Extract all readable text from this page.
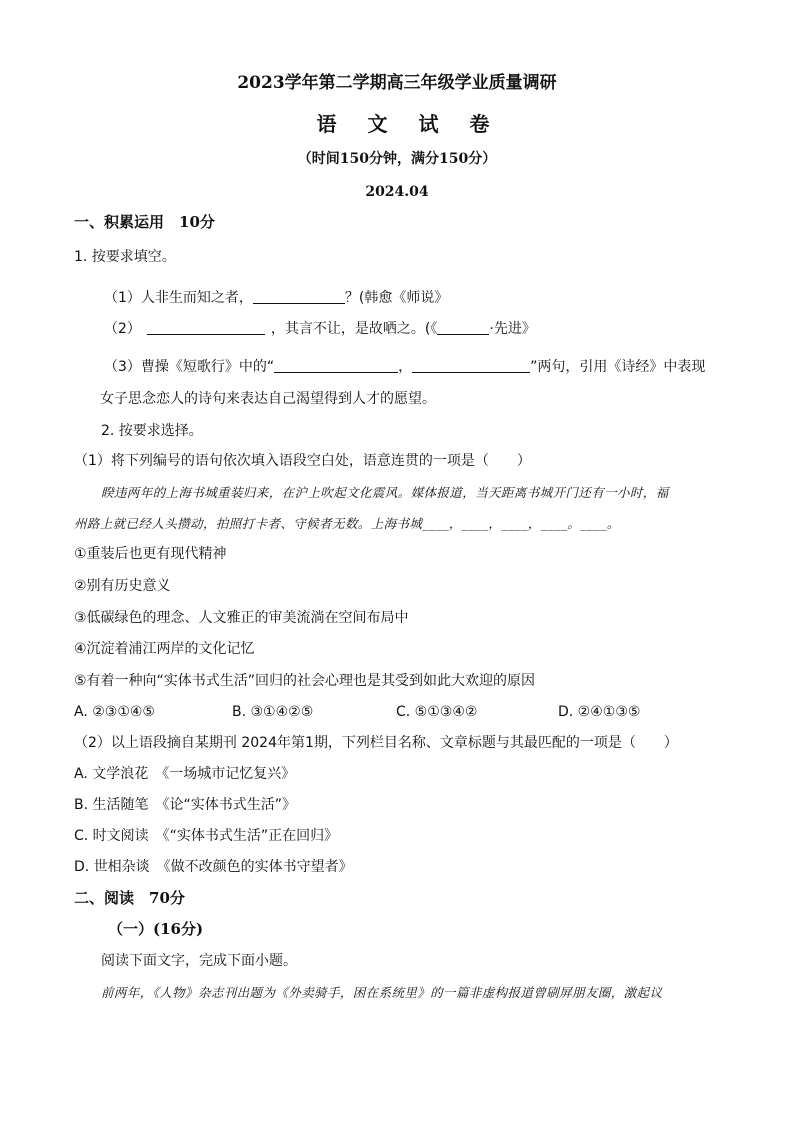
2023学年第二学期高三年级学业质量调研
语 文 试 卷
（时间150分钟，满分150分）
2024.04
一、积累运用　10分
1. 按要求填空。
（1）人非生而知之者，	？(韩愈《师说》
（2）	，其言不让，是故哂之。(《	·先进》
（3）曹操《短歌行》中的“	，	”两句，引用《诗经》中表现
女子思念恋人的诗句来表达自己渴望得到人才的愿望。
2. 按要求选择。
（1）将下列编号的语句依次填入语段空白处，语意连贯的一项是（　　）
睽违两年的上海书城重装归来，在沪上吹起文化震风。媒体报道，当天距离书城开门还有一小时，福
州路上就已经人头攒动，拍照打卡者、守候者无数。上海书城____，____，____，____。____。
①重装后也更有现代精神
②别有历史意义
③低碳绿色的理念、人文雅正的审美流淌在空间布局中
④沉淀着浦江两岸的文化记忆
⑤有着一种向“实体书式生活”回归的社会心理也是其受到如此大欢迎的原因
A. ②③①④⑤	B. ③①④②⑤	C. ⑤①③④②	D. ②④①③⑤
（2）以上语段摘自某期刊 2024年第1期，下列栏目名称、文章标题与其最匹配的一项是（　　）
A. 文学浪花　《一场城市记忆复兴》
B. 生活随笔　《论“实体书式生活”》
C. 时文阅读　《“实体书式生活”正在回归》
D. 世相杂谈　《做不改颜色的实体书守望者》
二、阅读　70分
（一）(16分)
阅读下面文字，完成下面小题。
前两年，《人物》杂志刊出题为《外卖骑手，困在系统里》的一篇非虚构报道曾刷屏朋友圈，激起议
